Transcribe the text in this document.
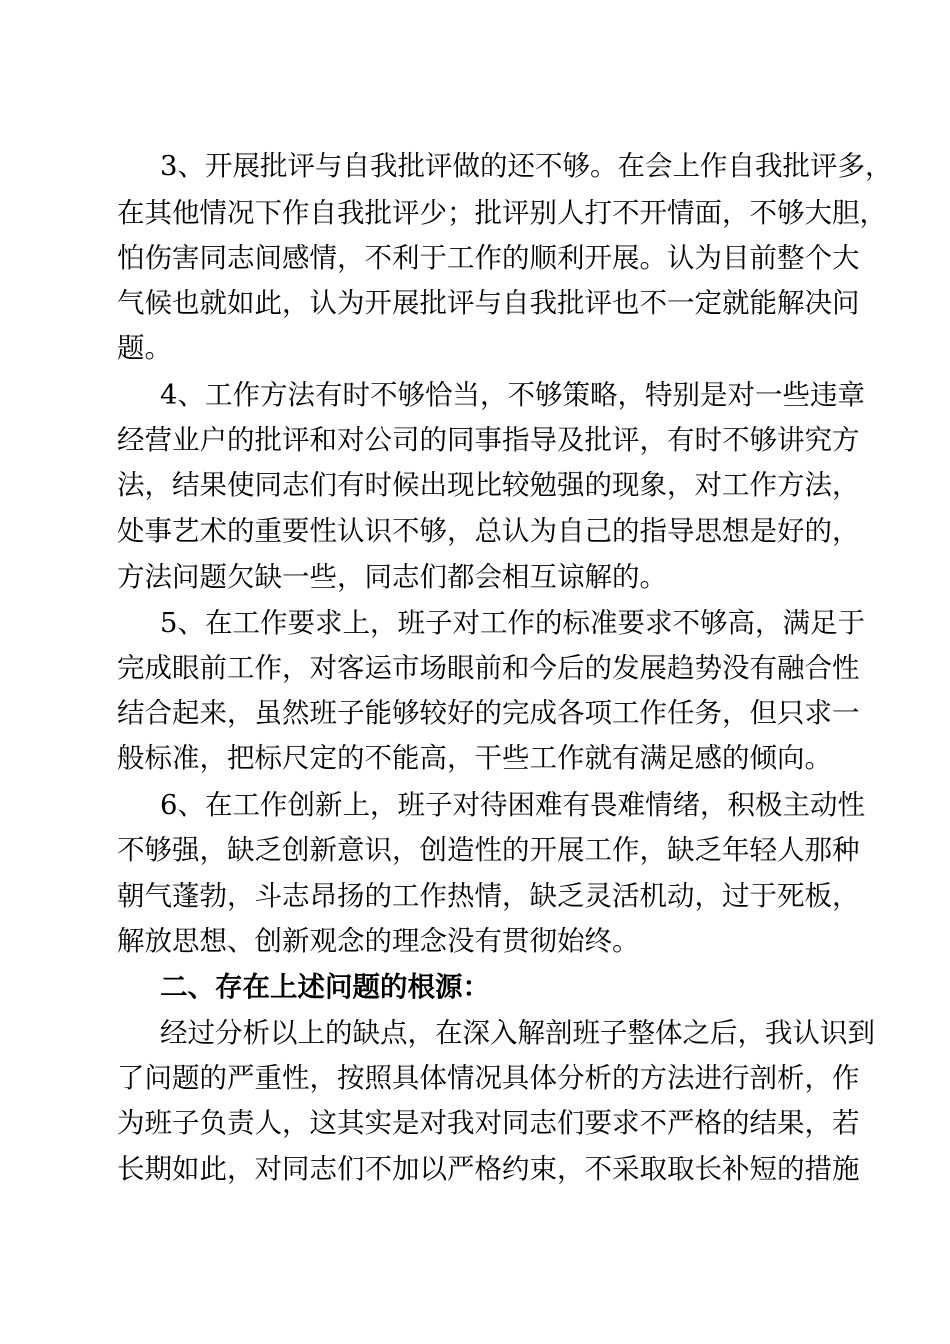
3、开展批评与自我批评做的还不够。在会上作自我批评多，
在其他情况下作自我批评少；批评别人打不开情面，不够大胆，
怕伤害同志间感情，不利于工作的顺利开展。认为目前整个大
气候也就如此，认为开展批评与自我批评也不一定就能解决问
题。
4、工作方法有时不够恰当，不够策略，特别是对一些违章
经营业户的批评和对公司的同事指导及批评，有时不够讲究方
法，结果使同志们有时候出现比较勉强的现象，对工作方法，
处事艺术的重要性认识不够，总认为自己的指导思想是好的，
方法问题欠缺一些，同志们都会相互谅解的。
5、在工作要求上，班子对工作的标准要求不够高，满足于
完成眼前工作，对客运市场眼前和今后的发展趋势没有融合性
结合起来，虽然班子能够较好的完成各项工作任务，但只求一
般标准，把标尺定的不能高，干些工作就有满足感的倾向。
6、在工作创新上，班子对待困难有畏难情绪，积极主动性
不够强，缺乏创新意识，创造性的开展工作，缺乏年轻人那种
朝气蓬勃，斗志昂扬的工作热情，缺乏灵活机动，过于死板，
解放思想、创新观念的理念没有贯彻始终。
二、存在上述问题的根源：
经过分析以上的缺点，在深入解剖班子整体之后，我认识到
了问题的严重性，按照具体情况具体分析的方法进行剖析，作
为班子负责人，这其实是对我对同志们要求不严格的结果，若
长期如此，对同志们不加以严格约束，不采取取长补短的措施
